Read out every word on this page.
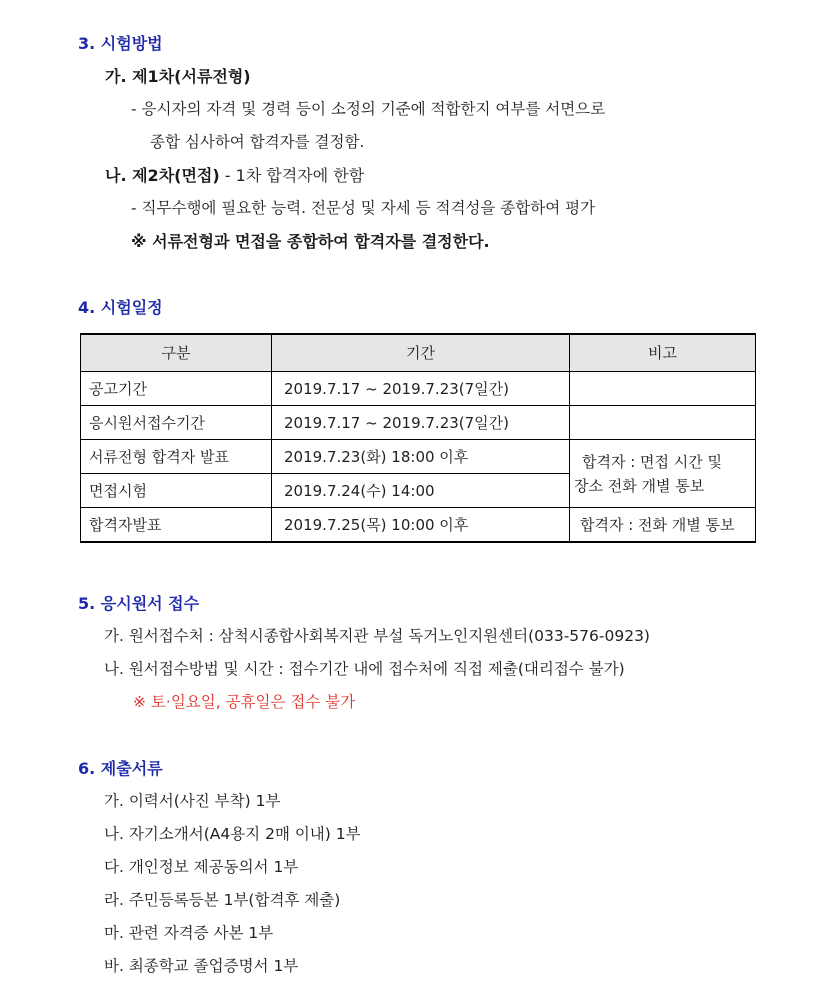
3. 시험방법
가. 제1차(서류전형)
- 응시자의 자격 및 경력 등이 소정의 기준에 적합한지 여부를 서면으로
종합 심사하여 합격자를 결정함.
나. 제2차(면접) - 1차 합격자에 한함
- 직무수행에 필요한 능력. 전문성 및 자세 등 적격성을 종합하여 평가
※ 서류전형과 면접을 종합하여 합격자를 결정한다.
4. 시험일정
구분	기간	비고
공고기간	2019.7.17 ~ 2019.7.23(7일간)	
응시원서접수기간	2019.7.17 ~ 2019.7.23(7일간)	
서류전형 합격자 발표	2019.7.23(화) 18:00 이후	합격자 : 면접 시간 및
장소 전화 개별 통보

면접시험	2019.7.24(수) 14:00	
합격자발표	2019.7.25(목) 10:00 이후	합격자 : 전화 개별 통보
5. 응시원서 접수
가. 원서접수처 : 삼척시종합사회복지관 부설 독거노인지원센터(033-576-0923)
나. 원서접수방법 및 시간 : 접수기간 내에 접수처에 직접 제출(대리접수 불가)
※ 토·일요일, 공휴일은 접수 불가
6. 제출서류
가. 이력서(사진 부착) 1부
나. 자기소개서(A4용지 2매 이내) 1부
다. 개인정보 제공동의서 1부
라. 주민등록등본 1부(합격후 제출)
마. 관련 자격증 사본 1부
바. 최종학교 졸업증명서 1부
